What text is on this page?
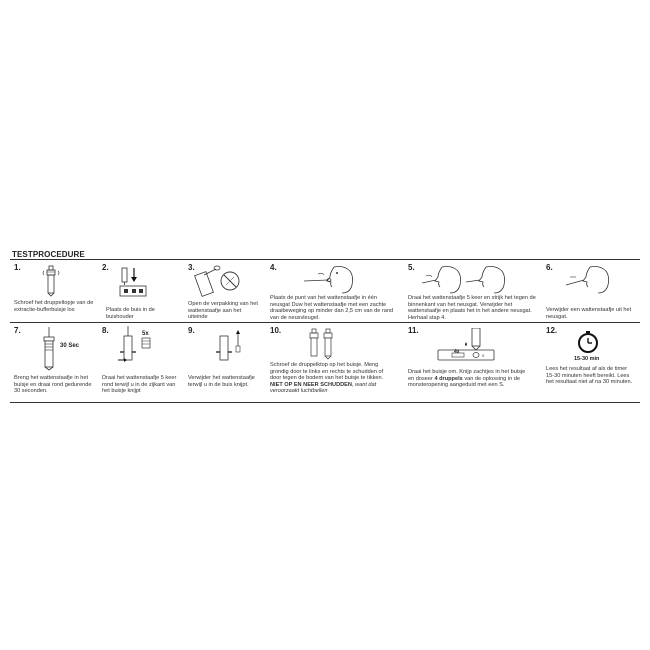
TESTPROCEDURE
1.
Schroef het druppeltopje van de extractie-bufferbuisje los
2.
Plaats de buis in de buishouder
3.
Open de verpakking van het wattenstaafje aan het uiteinde
4.
Plaats de punt van het wattenstaafje in één neusgat Duw het wattenstaafje met een zachte draaibeweging op minder dan 2,5 cm van de rand van de neusvleugel.
5.
Draai het wattenstaafje 5 keer en strijk het tegen de binnenkant van het neusgat. Verwijder het wattenstaafje en plaats het in het andere neusgat. Herhaal stap 4.
6.
Verwijder een wattenstaafje uit het neusgat.
7.
30 Sec
Breng het wattenstaafje in het buisje en draai rond gedurende 30 seconden.
8.	5x
Draai het wattenstaafje 5 keer rond terwijl u in de zijkant van het buisje knijpt
9.
Verwijder het wattenstaafje terwijl u in de buis knijpt.
10.
Schroef de druppelktop op het buisje. Meng grondig door te links en rechts te schudden of door tegen de bodem van het buisje te tikken. NIET OP EN NEER SCHUDDEN, want dat veroorzaakt luchtbellen
11.
S
4x
Draai het buisje om. Knijp zachtjes in het buisje en doseer 4 druppels van de oplossing in de monsteropening aangeduid met een S.
12.
15-30 min
Lees het resultaat af als de timer 15-30 minuten heeft bereikt. Lees het resultaat niet af na 30 minuten.
